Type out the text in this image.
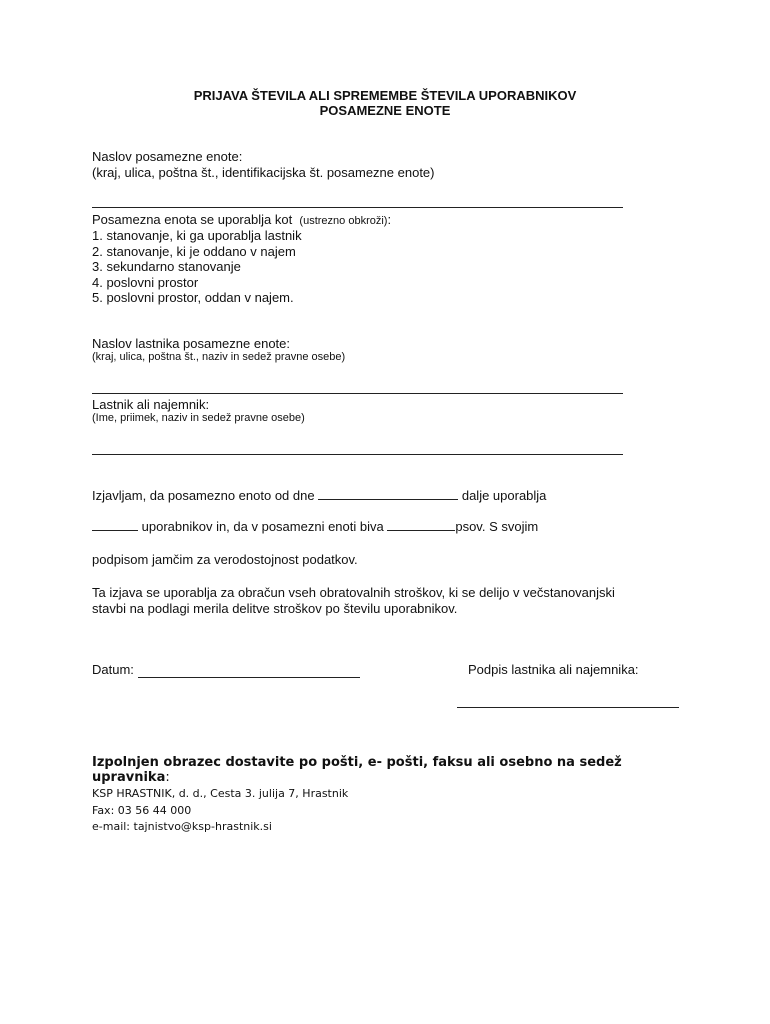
PRIJAVA ŠTEVILA ALI SPREMEMBE ŠTEVILA UPORABNIKOV
POSAMEZNE ENOTE
Naslov posamezne enote:
(kraj, ulica, poštna št., identifikacijska št. posamezne enote)
Posamezna enota se uporablja kot (ustrezno obkroži):
1. stanovanje, ki ga uporablja lastnik
2. stanovanje, ki je oddano v najem
3. sekundarno stanovanje
4. poslovni prostor
5. poslovni prostor, oddan v najem.
Naslov lastnika posamezne enote:
(kraj, ulica, poštna št., naziv in sedež pravne osebe)
Lastnik ali najemnik:
(Ime, priimek, naziv in sedež pravne osebe)
Izjavljam, da posamezno enoto od dne	dalje uporablja
uporabnikov in, da v posamezni enoti biva	psov. S svojim
podpisom jamčim za verodostojnost podatkov.
Ta izjava se uporablja za obračun vseh obratovalnih stroškov, ki se delijo v večstanovanjski
stavbi na podlagi merila delitve stroškov po številu uporabnikov.
Datum:	Podpis lastnika ali najemnika:
Izpolnjen obrazec dostavite po pošti, e- pošti, faksu ali osebno na sedež
upravnika:
KSP HRASTNIK, d. d., Cesta 3. julija 7, Hrastnik
Fax: 03 56 44 000
e-mail: tajnistvo@ksp-hrastnik.si
